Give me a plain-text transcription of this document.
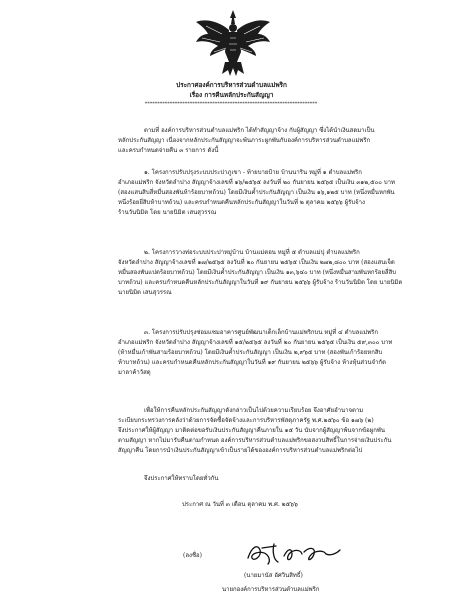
ประกาศองค์การบริหารส่วนตำบลแม่พริก
เรื่อง การคืนหลักประกันสัญญา
*********************************************************************
ตามที่ องค์การบริหารส่วนตำบลแม่พริก ได้ทำสัญญาจ้าง กับผู้สัญญา ซึ่งได้นำเงินสดมาเป็น
หลักประกันสัญญา เนื่องจากหลักประกันสัญญาจะพ้นภาระผูกพันกับองค์การบริหารส่วนตำบลแม่พริก
และครบกำหนดจ่ายคืน ๓ รายการ ดังนี้
๑. โครงการปรับปรุงระบบประปาภูเขา - ท้ายบายป้าย บ้านนาริน หมู่ที่ ๑ ตำบลแม่พริก
อำเภอแม่พริก จังหวัดลำปาง สัญญาจ้างเลขที่ ๑๖/๒๕๖๕ ลงวันที่ ๒๐ กันยายน ๒๕๖๕ เป็นเงิน ๓๑๒,๕๐๐ บาท
(สองแสนสิบสี่หมื่นสองพันห้าร้อยบาทถ้วน) โดยมีเงินค้ำประกันสัญญา เป็นเงิน ๑๖,๑๒๕ บาท (หนึ่งหมื่นหกพัน
หนึ่งร้อยยี่สิบห้าบาทถ้วน) และครบกำหนดคืนหลักประกันสัญญาในวันที่ ๒ ตุลาคม ๒๕๖๖ ผู้รับจ้าง
ร้านวันนิมิต โดย นายนิมิต เสนสุวรรณ
๒. โครงการวางท่อระบบประปาหมู่บ้าน บ้านแม่ตอน หมู่ที่ ๕ ตำบลแม่ปุ ตำบลแม่พริก
จังหวัดลำปาง สัญญาจ้างเลขที่ ๑๗/๒๕๖๕ ลงวันที่ ๒๐ กันยายน ๒๕๖๕ เป็นเงิน ๒๗๒,๘๐๐ บาท (สองแสนเจ็ด
หมื่นสองพันแปดร้อยบาทถ้วน) โดยมีเงินค้ำประกันสัญญา เป็นเงิน ๑๓,๖๔๐ บาท (หนึ่งหมื่นสามพันหกร้อยสี่สิบ
บาทถ้วน) และครบกำหนดคืนหลักประกันสัญญาในวันที่ ๑๙ กันยายน ๒๕๖๖ ผู้รับจ้าง ร้านวันนิมิต โดย นายนิมิต
นายนิมิต เสนสุวรรณ
๓. โครงการปรับปรุงซ่อมแซมอาคารศูนย์พัฒนาเด็กเล็กบ้านแม่พริกบน หมู่ที่ ๔ ตำบลแม่พริก
อำเภอแม่พริก จังหวัดลำปาง สัญญาจ้างเลขที่ ๑๕/๒๕๖๕ ลงวันที่ ๒๐ กันยายน ๒๕๖๕ เป็นเงิน ๕๙,๓๐๐ บาท
(ห้าหมื่นเก้าพันสามร้อยบาทถ้วน) โดยมีเงินค้ำประกันสัญญา เป็นเงิน ๒,๙๖๕ บาท (สองพันเก้าร้อยหกสิบ
ห้าบาทถ้วน) และครบกำหนดคืนหลักประกันสัญญาในวันที่ ๑๙ กันยายน ๒๕๖๖ ผู้รับจ้าง ห้างหุ้นส่วนจำกัด
มาลาค้าวัสดุ
เพื่อให้การคืนหลักประกันสัญญาดังกล่าวเป็นไปด้วยความเรียบร้อย จึงอาศัยอำนาจตาม
ระเบียบกระทรวงการคลังว่าด้วยการจัดซื้อจัดจ้างและการบริหารพัสดุภาครัฐ พ.ศ.๒๕๖๐ ข้อ ๑๗๖ (๒)
จึงประกาศให้ผู้สัญญา มาติดต่อขอรับเงินประกันสัญญาคืนภายใน ๑๕ วัน นับจากผู้สัญญาพ้นจากข้อผูกพัน
ตามสัญญา หากไม่มารับคืนตามกำหนด องค์การบริหารส่วนตำบลแม่พริกขอสงวนสิทธิ์ในการจ่ายเงินประกัน
สัญญาคืน โดยการนำเงินประกันสัญญาเข้าเป็นรายได้ขององค์การบริหารส่วนตำบลแม่พริกต่อไป
จึงประกาศให้ทราบโดยทั่วกัน
ประกาศ ณ วันที่ ๓ เดือน ตุลาคม พ.ศ. ๒๕๖๖
(ลงชื่อ)
(นายมานัส อัศวินสิทธิ์)
นายกองค์การบริหารส่วนตำบลแม่พริก
